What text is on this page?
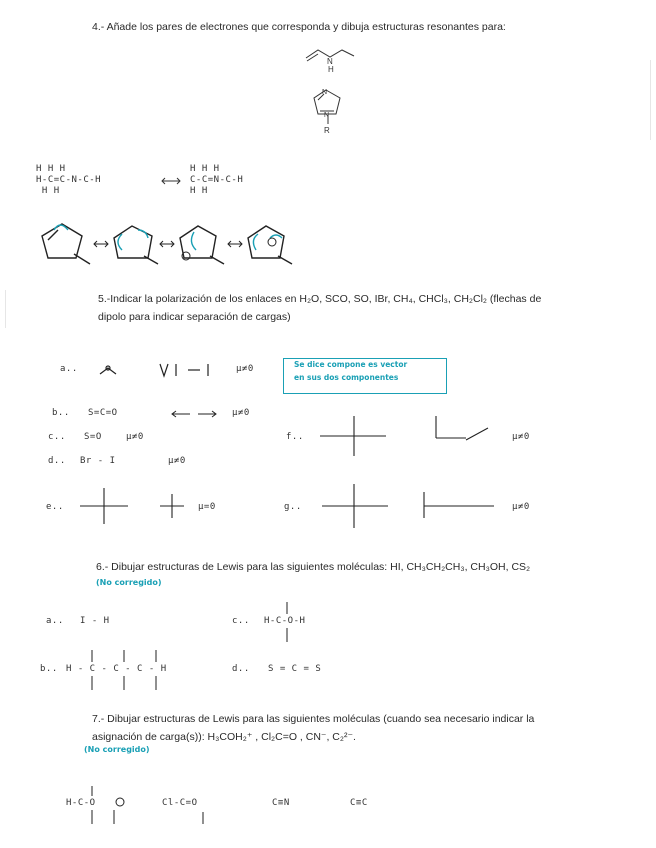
4.- Añade los pares de electrones que corresponda y dibuja estructuras resonantes para:
N
H
N
N
R
H H H
H-C=C-N-C-H
H H
H H H
C-C=N-C-H
H H
5.-Indicar la polarización de los enlaces en H₂O, SCO, SO, IBr, CH₄, CHCl₃, CH₂Cl₂ (flechas de dipolo para indicar separación de cargas)
a..	μ≠0	Se dice compone es vector
en sus dos componentes
b.. S=C=O	μ≠0
c.. S=O	μ≠0
d.. Br - I	μ≠0
f..	μ≠0
e..	μ=0	g..	μ≠0
6.- Dibujar estructuras de Lewis para las siguientes moléculas: HI, CH₃CH₂CH₃, CH₃OH, CS₂
(No corregido)
a.. I - H	c.. H-C-O-H
b.. H - C - C - C - H	d.. S = C = S
7.- Dibujar estructuras de Lewis para las siguientes moléculas (cuando sea necesario indicar la asignación de carga(s)): H₃COH₂⁺ , Cl₂C=O , CN⁻, C₂²⁻.
(No corregido)
H-C-O	Cl-C=O	C≡N	C≡C
